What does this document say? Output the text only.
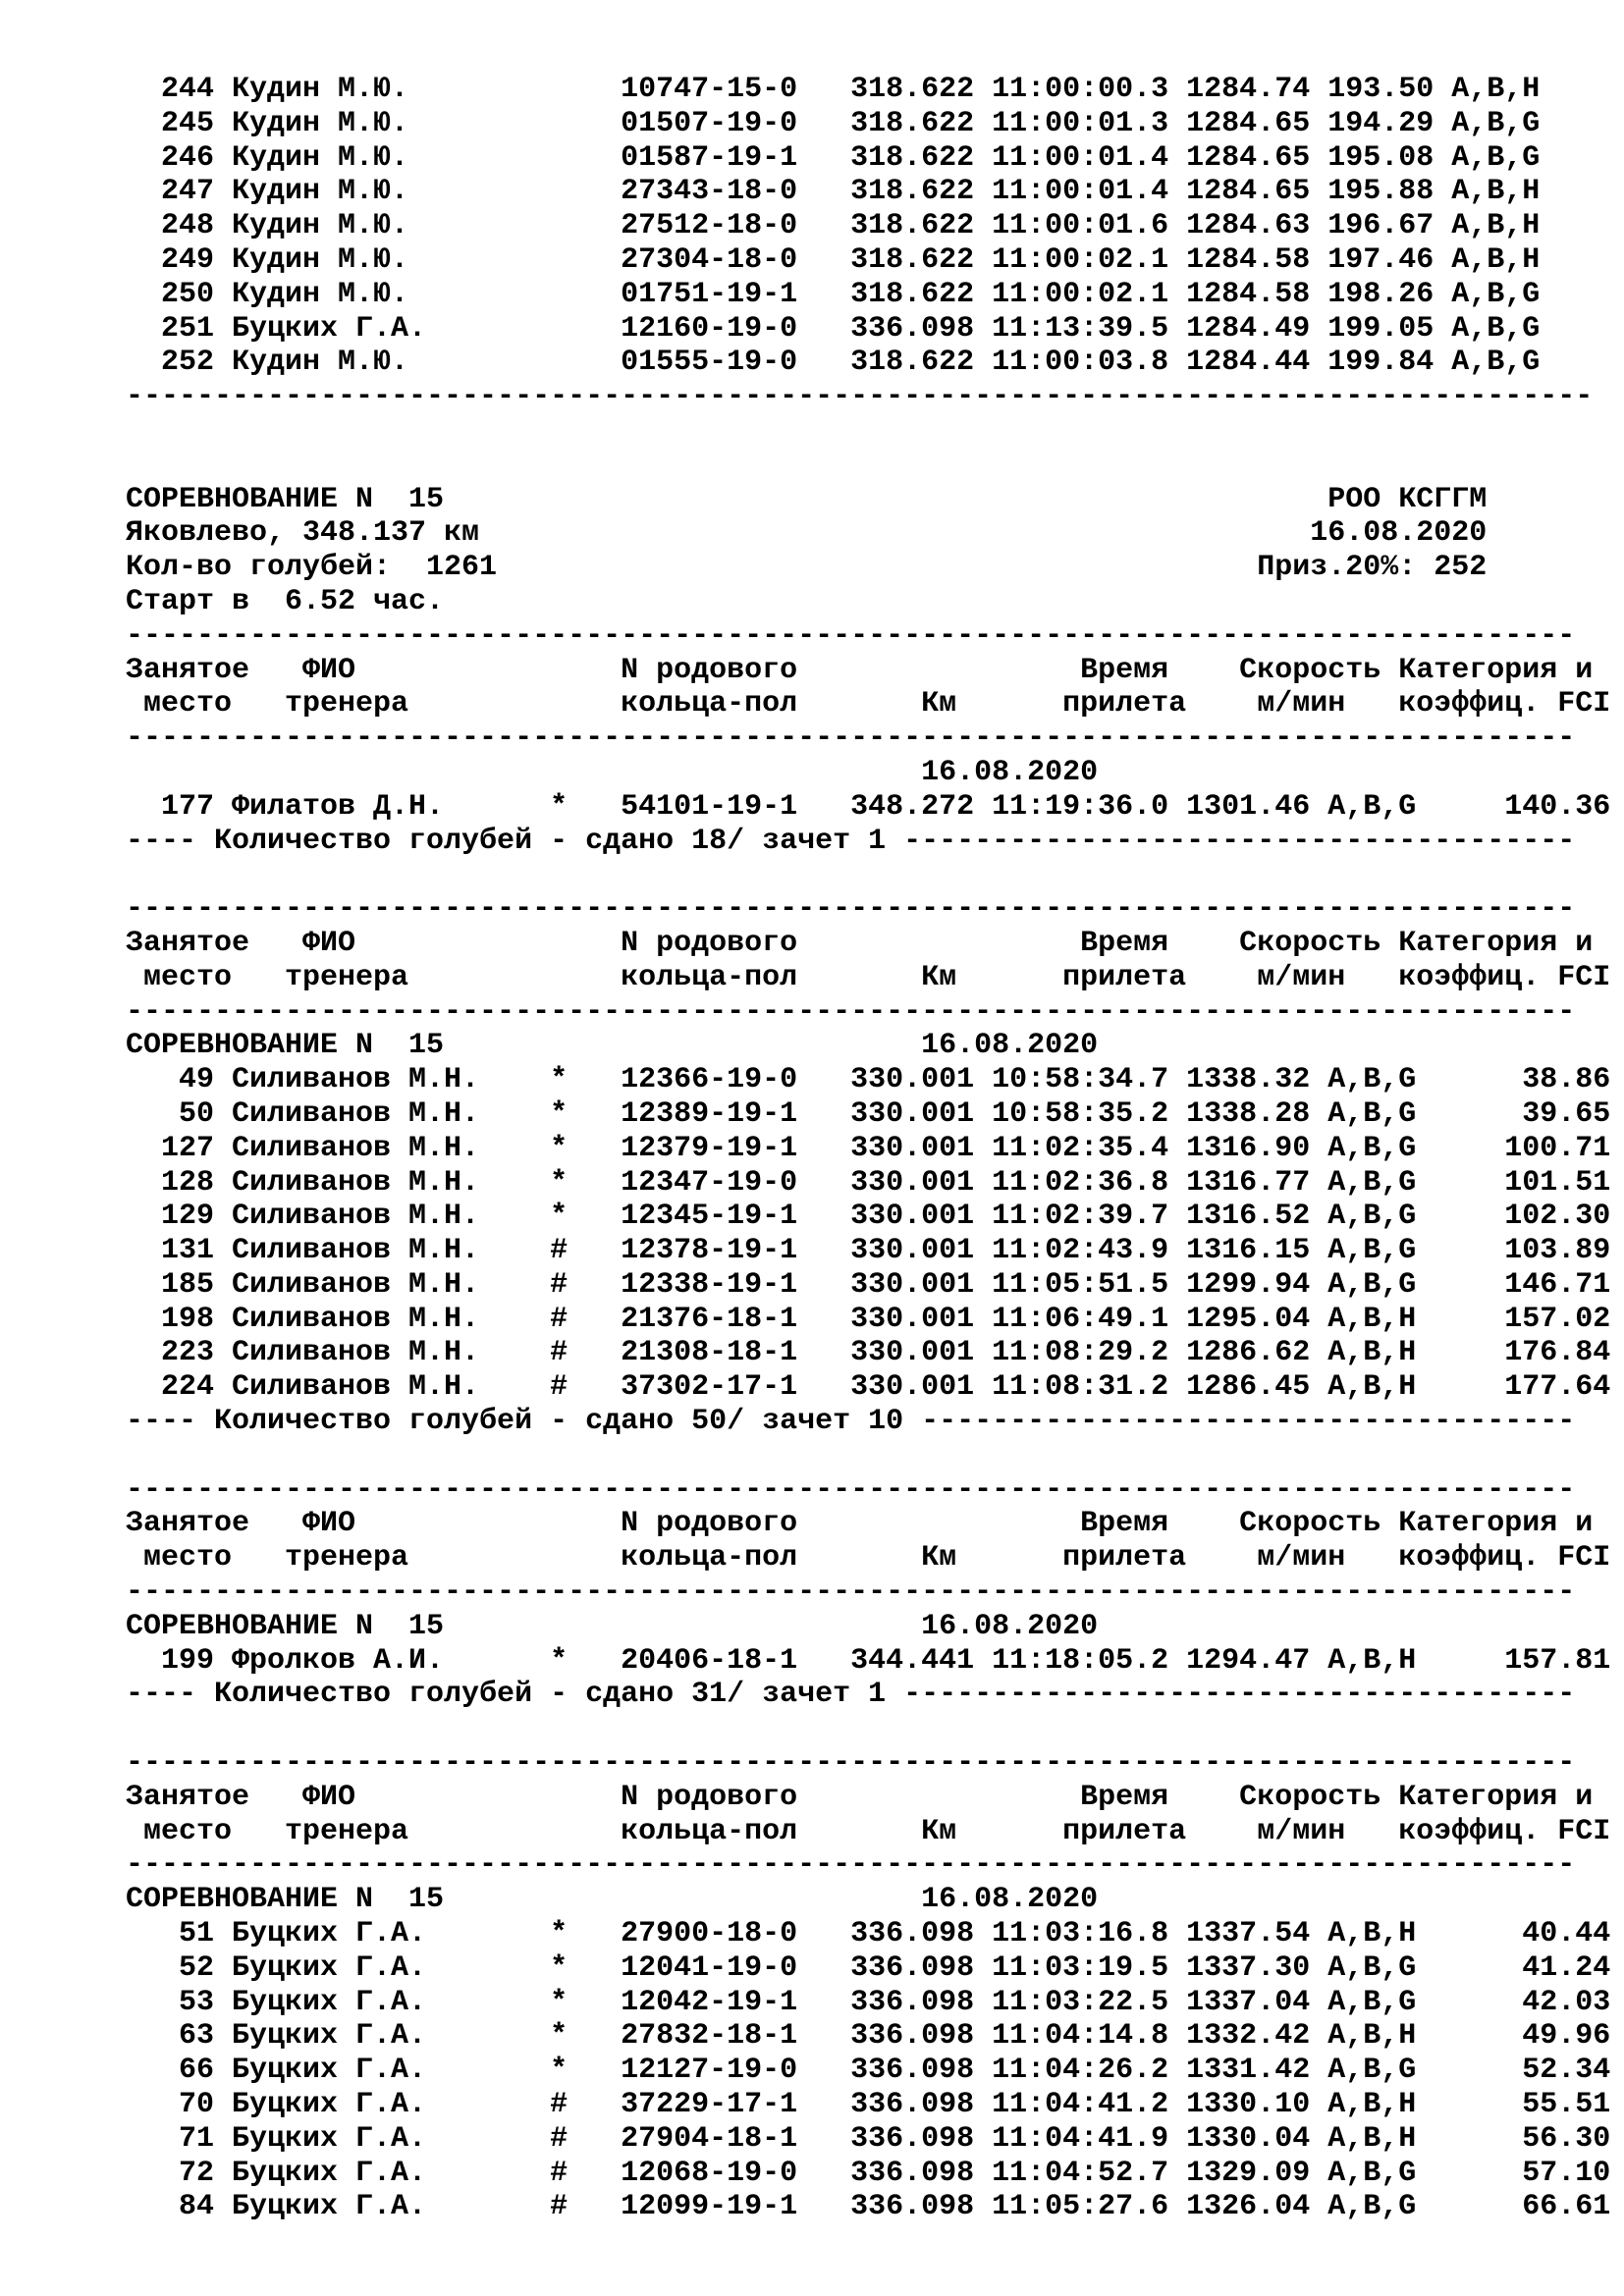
244 Кудин М.Ю.            10747-15-0   318.622 11:00:00.3 1284.74 193.50 A,B,H
245 Кудин М.Ю.            01507-19-0   318.622 11:00:01.3 1284.65 194.29 A,B,G
246 Кудин М.Ю.            01587-19-1   318.622 11:00:01.4 1284.65 195.08 A,B,G
247 Кудин М.Ю.            27343-18-0   318.622 11:00:01.4 1284.65 195.88 A,B,H
248 Кудин М.Ю.            27512-18-0   318.622 11:00:01.6 1284.63 196.67 A,B,H
249 Кудин М.Ю.            27304-18-0   318.622 11:00:02.1 1284.58 197.46 A,B,H
250 Кудин М.Ю.            01751-19-1   318.622 11:00:02.1 1284.58 198.26 A,B,G
251 Буцких Г.А.           12160-19-0   336.098 11:13:39.5 1284.49 199.05 A,B,G
252 Кудин М.Ю.            01555-19-0   318.622 11:00:03.8 1284.44 199.84 A,B,G
-----------------------------------------------------------------------------------
СОРЕВНОВАНИЕ N  15                                                  РОО КСГГМ
Яковлево, 348.137 км                                               16.08.2020
Кол-во голубей:  1261                                           Приз.20%: 252
Старт в  6.52 час.
----------------------------------------------------------------------------------
Занятое   ФИО               N родового                Время    Скорость Категория и
место   тренера            кольца-пол       Км      прилета    м/мин   коэффиц. FCI
----------------------------------------------------------------------------------
16.08.2020
177 Филатов Д.Н.      *   54101-19-1   348.272 11:19:36.0 1301.46 A,B,G     140.36
---- Количество голубей - сдано 18/ зачет 1 --------------------------------------
----------------------------------------------------------------------------------
Занятое   ФИО               N родового                Время    Скорость Категория и
место   тренера            кольца-пол       Км      прилета    м/мин   коэффиц. FCI
----------------------------------------------------------------------------------
СОРЕВНОВАНИЕ N  15                           16.08.2020
49 Силиванов М.Н.    *   12366-19-0   330.001 10:58:34.7 1338.32 A,B,G      38.86
50 Силиванов М.Н.    *   12389-19-1   330.001 10:58:35.2 1338.28 A,B,G      39.65
127 Силиванов М.Н.    *   12379-19-1   330.001 11:02:35.4 1316.90 A,B,G     100.71
128 Силиванов М.Н.    *   12347-19-0   330.001 11:02:36.8 1316.77 A,B,G     101.51
129 Силиванов М.Н.    *   12345-19-1   330.001 11:02:39.7 1316.52 A,B,G     102.30
131 Силиванов М.Н.    #   12378-19-1   330.001 11:02:43.9 1316.15 A,B,G     103.89
185 Силиванов М.Н.    #   12338-19-1   330.001 11:05:51.5 1299.94 A,B,G     146.71
198 Силиванов М.Н.    #   21376-18-1   330.001 11:06:49.1 1295.04 A,B,H     157.02
223 Силиванов М.Н.    #   21308-18-1   330.001 11:08:29.2 1286.62 A,B,H     176.84
224 Силиванов М.Н.    #   37302-17-1   330.001 11:08:31.2 1286.45 A,B,H     177.64
---- Количество голубей - сдано 50/ зачет 10 -------------------------------------
----------------------------------------------------------------------------------
Занятое   ФИО               N родового                Время    Скорость Категория и
место   тренера            кольца-пол       Км      прилета    м/мин   коэффиц. FCI
----------------------------------------------------------------------------------
СОРЕВНОВАНИЕ N  15                           16.08.2020
199 Фролков А.И.      *   20406-18-1   344.441 11:18:05.2 1294.47 A,B,H     157.81
---- Количество голубей - сдано 31/ зачет 1 --------------------------------------
----------------------------------------------------------------------------------
Занятое   ФИО               N родового                Время    Скорость Категория и
место   тренера            кольца-пол       Км      прилета    м/мин   коэффиц. FCI
----------------------------------------------------------------------------------
СОРЕВНОВАНИЕ N  15                           16.08.2020
51 Буцких Г.А.       *   27900-18-0   336.098 11:03:16.8 1337.54 A,B,H      40.44
52 Буцких Г.А.       *   12041-19-0   336.098 11:03:19.5 1337.30 A,B,G      41.24
53 Буцких Г.А.       *   12042-19-1   336.098 11:03:22.5 1337.04 A,B,G      42.03
63 Буцких Г.А.       *   27832-18-1   336.098 11:04:14.8 1332.42 A,B,H      49.96
66 Буцких Г.А.       *   12127-19-0   336.098 11:04:26.2 1331.42 A,B,G      52.34
70 Буцких Г.А.       #   37229-17-1   336.098 11:04:41.2 1330.10 A,B,H      55.51
71 Буцких Г.А.       #   27904-18-1   336.098 11:04:41.9 1330.04 A,B,H      56.30
72 Буцких Г.А.       #   12068-19-0   336.098 11:04:52.7 1329.09 A,B,G      57.10
84 Буцких Г.А.       #   12099-19-1   336.098 11:05:27.6 1326.04 A,B,G      66.61
